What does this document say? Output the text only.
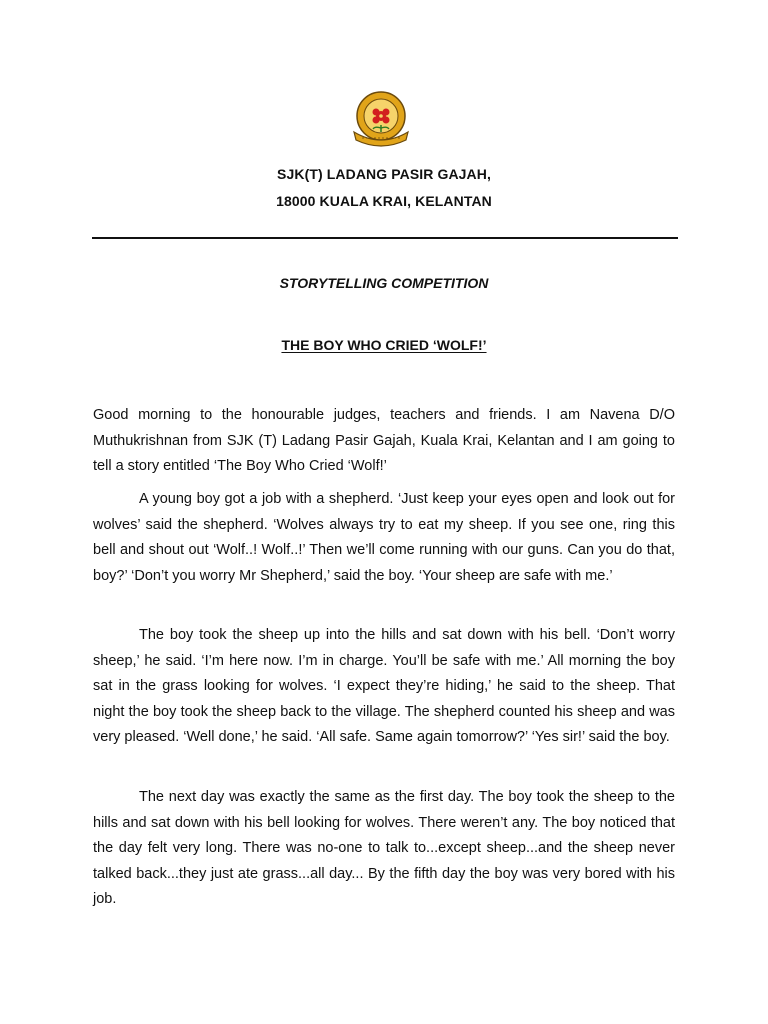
SJK(T) LADANG PASIR GAJAH,
18000 KUALA KRAI, KELANTAN
STORYTELLING COMPETITION
THE BOY WHO CRIED ‘WOLF!’

Good morning to the honourable judges, teachers and friends. I am Navena D/O Muthukrishnan from SJK (T) Ladang Pasir Gajah, Kuala Krai, Kelantan and I am going to tell a story entitled ‘The Boy Who Cried ‘Wolf!’

A young boy got a job with a shepherd. ‘Just keep your eyes open and look out for wolves’ said the shepherd. ‘Wolves always try to eat my sheep. If you see one, ring this bell and shout out ‘Wolf..! Wolf..!’ Then we’ll come running with our guns. Can you do that, boy?’ ‘Don’t you worry Mr Shepherd,’ said the boy. ‘Your sheep are safe with me.’

The boy took the sheep up into the hills and sat down with his bell. ‘Don’t worry sheep,’ he said. ‘I’m here now. I’m in charge. You’ll be safe with me.’ All morning the boy sat in the grass looking for wolves. ‘I expect they’re hiding,’ he said to the sheep. That night the boy took the sheep back to the village. The shepherd counted his sheep and was very pleased. ‘Well done,’ he said. ‘All safe. Same again tomorrow?’ ‘Yes sir!’ said the boy.

The next day was exactly the same as the first day. The boy took the sheep to the hills and sat down with his bell looking for wolves. There weren’t any. The boy noticed that the day felt very long. There was no-one to talk to...except sheep...and the sheep never talked back...they just ate grass...all day... By the fifth day the boy was very bored with his job.
